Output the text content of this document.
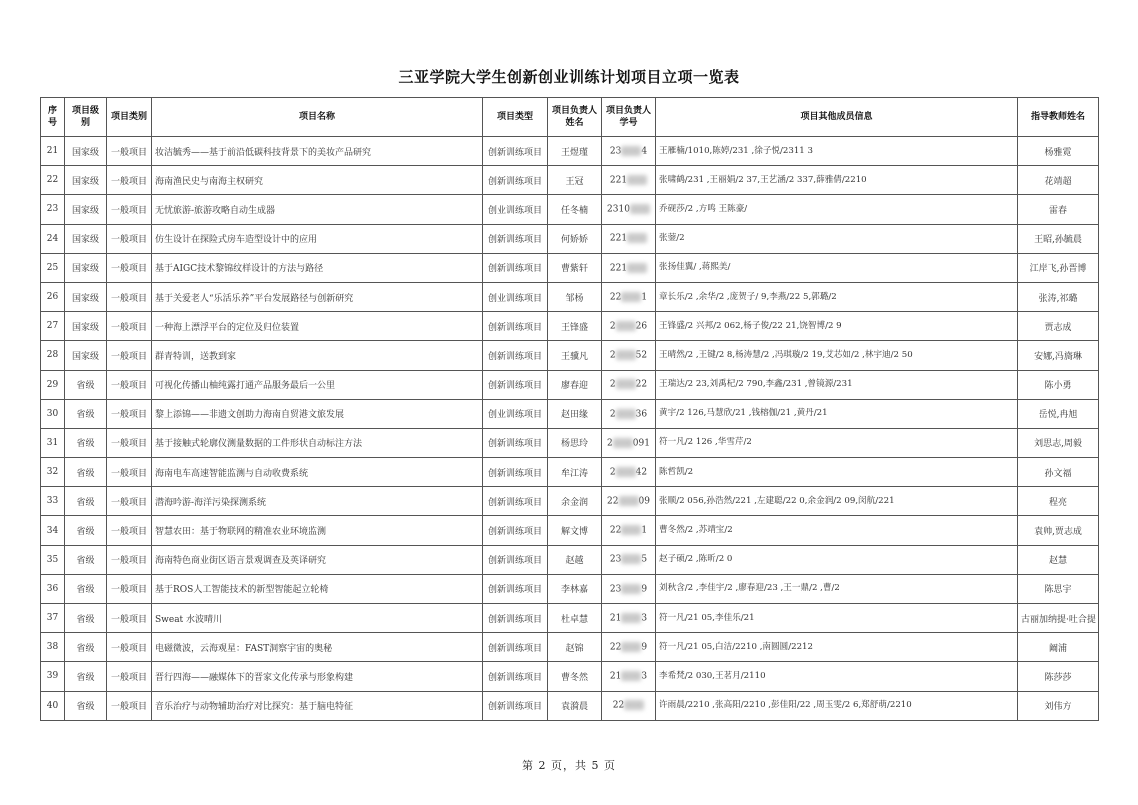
三亚学院大学生创新创业训练计划项目立项一览表
序号	项目级别	项目类别	项目名称	项目类型	项目负责人姓名	项目负责人学号	项目其他成员信息	指导教师姓名
21	国家级	一般项目	妆洁毓秀——基于前沿低碳科技背景下的美妆产品研究	创新训练项目	王煜瑾	23 4	王雁楠/1010,陈婷/231 ,徐子悦/2311 3	杨雅霓
22	国家级	一般项目	海南渔民史与南海主权研究	创新训练项目	王冠	221	张啸鹤/231 ,王丽娟/2 37,王艺涵/2 337,薛雅倩/2210	花靖超
23	国家级	一般项目	无忧旅游-旅游攻略自动生成器	创业训练项目	任冬楠	2310	乔砚莎/2 ,方鸣 王陈豪/	雷春
24	国家级	一般项目	仿生设计在探险式房车造型设计中的应用	创新训练项目	何娇娇	221	张蓥/2	王昭,孙毓晨
25	国家级	一般项目	基于AIGC技术黎锦纹样设计的方法与路径	创新训练项目	曹紫轩	221	张扬佳翼/ ,蒋熙美/	江岸飞,孙晋博
26	国家级	一般项目	基于关爱老人“乐活乐养”平台发展路径与创新研究	创业训练项目	邹杨	22 1	章长乐/2 ,余华/2 ,庞贺子/ 9,李燕/22 5,郭璐/2	张涛,祁璐
27	国家级	一般项目	一种海上漂浮平台的定位及归位装置	创新训练项目	王锋盛	2 26	王锋盛/2 兴邦/2 062,杨子俊/22 21,饶智博/2 9	贾志成
28	国家级	一般项目	群青特训，送教到家	创新训练项目	王骥凡	2 52	王晴然/2 ,王键/2 8,杨涛慧/2 ,冯琪璇/2 19,艾芯如/2 ,林宇迪/2 50	安娜,冯旖琳
29	省级	一般项目	可视化传播山柚纯露打通产品服务最后一公里	创新训练项目	廖春迎	2 22	王瑞达/2 23,刘禹杞/2 790,李鑫/231 ,曾镜源/231	陈小勇
30	省级	一般项目	黎上添锦——非遗文创助力海南自贸港文旅发展	创业训练项目	赵田缘	2 36	黄宇/2 126,马慧欣/21 ,钱榕伽/21 ,黄丹/21	岳悦,冉旭
31	省级	一般项目	基于接触式轮廓仪测量数据的工件形状自动标注方法	创新训练项目	杨思玲	2 091	符一凡/2 126 ,华雪芹/2	刘思志,周毅
32	省级	一般项目	海南电车高速智能监测与自动收费系统	创新训练项目	牟江涛	2 42	陈哲凯/2	孙文福
33	省级	一般项目	潜海吟游-海洋污染探测系统	创新训练项目	余金润	22 09	张顺/2 056,孙浩然/221 ,左建聪/22 0,余金润/2 09,闵航/221	程亮
34	省级	一般项目	智慧农田：基于物联网的精准农业环境监测	创新训练项目	解文博	22 1	曹冬然/2 ,苏靖宝/2	袁帅,贾志成
35	省级	一般项目	海南特色商业街区语言景观调查及英译研究	创新训练项目	赵越	23 5	赵子硕/2 ,陈昕/2 0	赵慧
36	省级	一般项目	基于ROS人工智能技术的新型智能起立轮椅	创新训练项目	李林嘉	23 9	刘秋含/2 ,李佳宇/2 ,廖春迎/23 ,王一鼎/2 ,曹/2	陈思宇
37	省级	一般项目	Sweat 水波晴川	创新训练项目	杜卓慧	21 3	符一凡/21 05,李佳乐/21	古丽加纳提·吐合提
38	省级	一般项目	电磁微波，云海观星：FAST洞察宇宙的奥秘	创新训练项目	赵锦	22 9	符一凡/21 05,白洁/2210 ,南圆圆/2212	阚浦
39	省级	一般项目	晋行四海——融媒体下的晋家文化传承与形象构建	创新训练项目	曹冬然	21 3	李希梵/2 030,王茗月/2110	陈莎莎
40	省级	一般项目	音乐治疗与动物辅助治疗对比探究：基于脑电特征	创新训练项目	袁漪晨	22	许雨晨/2210 ,张高阳/2210 ,彭佳阳/22 ,周玉雯/2 6,郑舒萌/2210	刘伟方
第 2 页，共 5 页
